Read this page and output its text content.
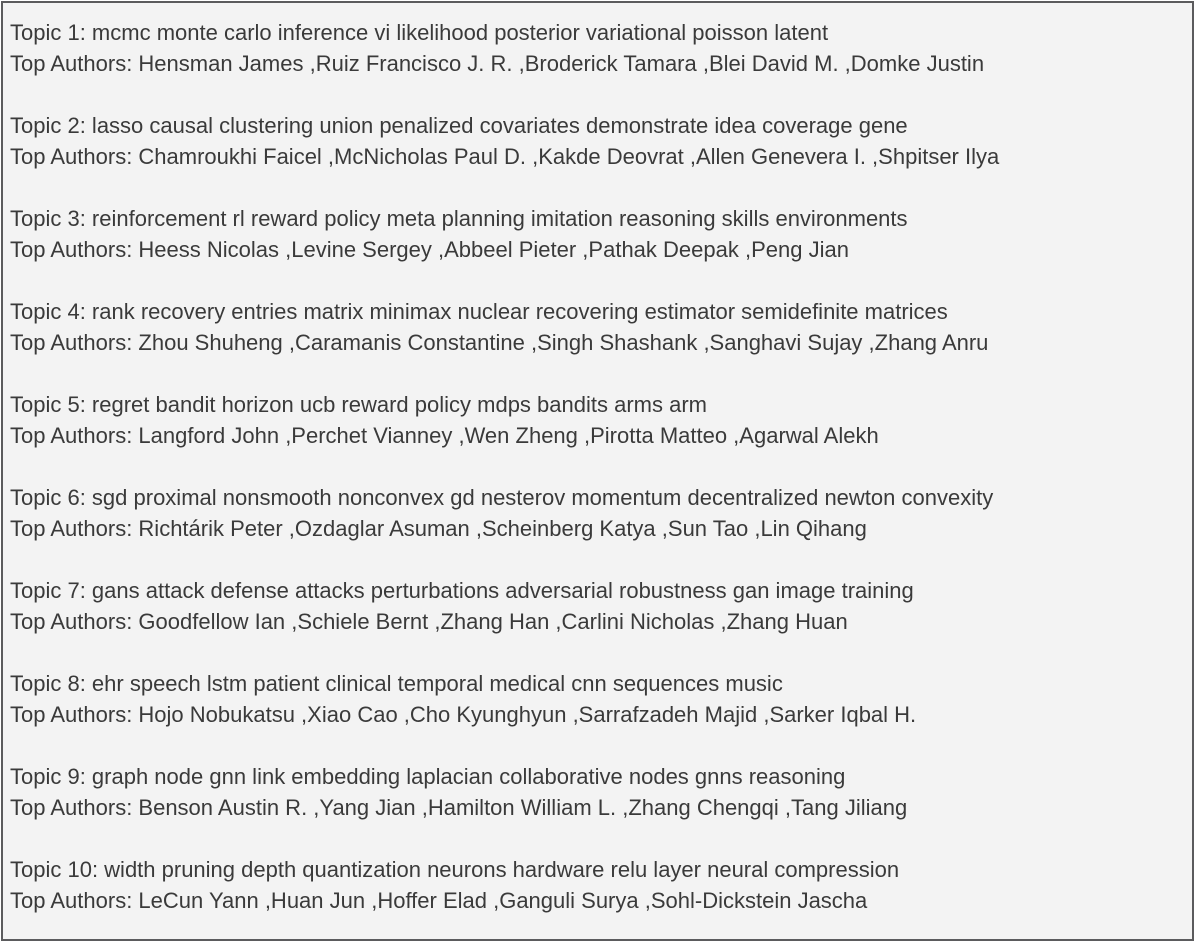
Topic 1: mcmc monte carlo inference vi likelihood posterior variational poisson latent
Top Authors: Hensman James ,Ruiz Francisco J. R. ,Broderick Tamara ,Blei David M. ,Domke Justin
Topic 2: lasso causal clustering union penalized covariates demonstrate idea coverage gene
Top Authors: Chamroukhi Faicel ,McNicholas Paul D. ,Kakde Deovrat ,Allen Genevera I. ,Shpitser Ilya
Topic 3: reinforcement rl reward policy meta planning imitation reasoning skills environments
Top Authors: Heess Nicolas ,Levine Sergey ,Abbeel Pieter ,Pathak Deepak ,Peng Jian
Topic 4: rank recovery entries matrix minimax nuclear recovering estimator semidefinite matrices
Top Authors: Zhou Shuheng ,Caramanis Constantine ,Singh Shashank ,Sanghavi Sujay ,Zhang Anru
Topic 5: regret bandit horizon ucb reward policy mdps bandits arms arm
Top Authors: Langford John ,Perchet Vianney ,Wen Zheng ,Pirotta Matteo ,Agarwal Alekh
Topic 6: sgd proximal nonsmooth nonconvex gd nesterov momentum decentralized newton convexity
Top Authors: Richtárik Peter ,Ozdaglar Asuman ,Scheinberg Katya ,Sun Tao ,Lin Qihang
Topic 7: gans attack defense attacks perturbations adversarial robustness gan image training
Top Authors: Goodfellow Ian ,Schiele Bernt ,Zhang Han ,Carlini Nicholas ,Zhang Huan
Topic 8: ehr speech lstm patient clinical temporal medical cnn sequences music
Top Authors: Hojo Nobukatsu ,Xiao Cao ,Cho Kyunghyun ,Sarrafzadeh Majid ,Sarker Iqbal H.
Topic 9: graph node gnn link embedding laplacian collaborative nodes gnns reasoning
Top Authors: Benson Austin R. ,Yang Jian ,Hamilton William L. ,Zhang Chengqi ,Tang Jiliang
Topic 10: width pruning depth quantization neurons hardware relu layer neural compression
Top Authors: LeCun Yann ,Huan Jun ,Hoffer Elad ,Ganguli Surya ,Sohl-Dickstein Jascha
